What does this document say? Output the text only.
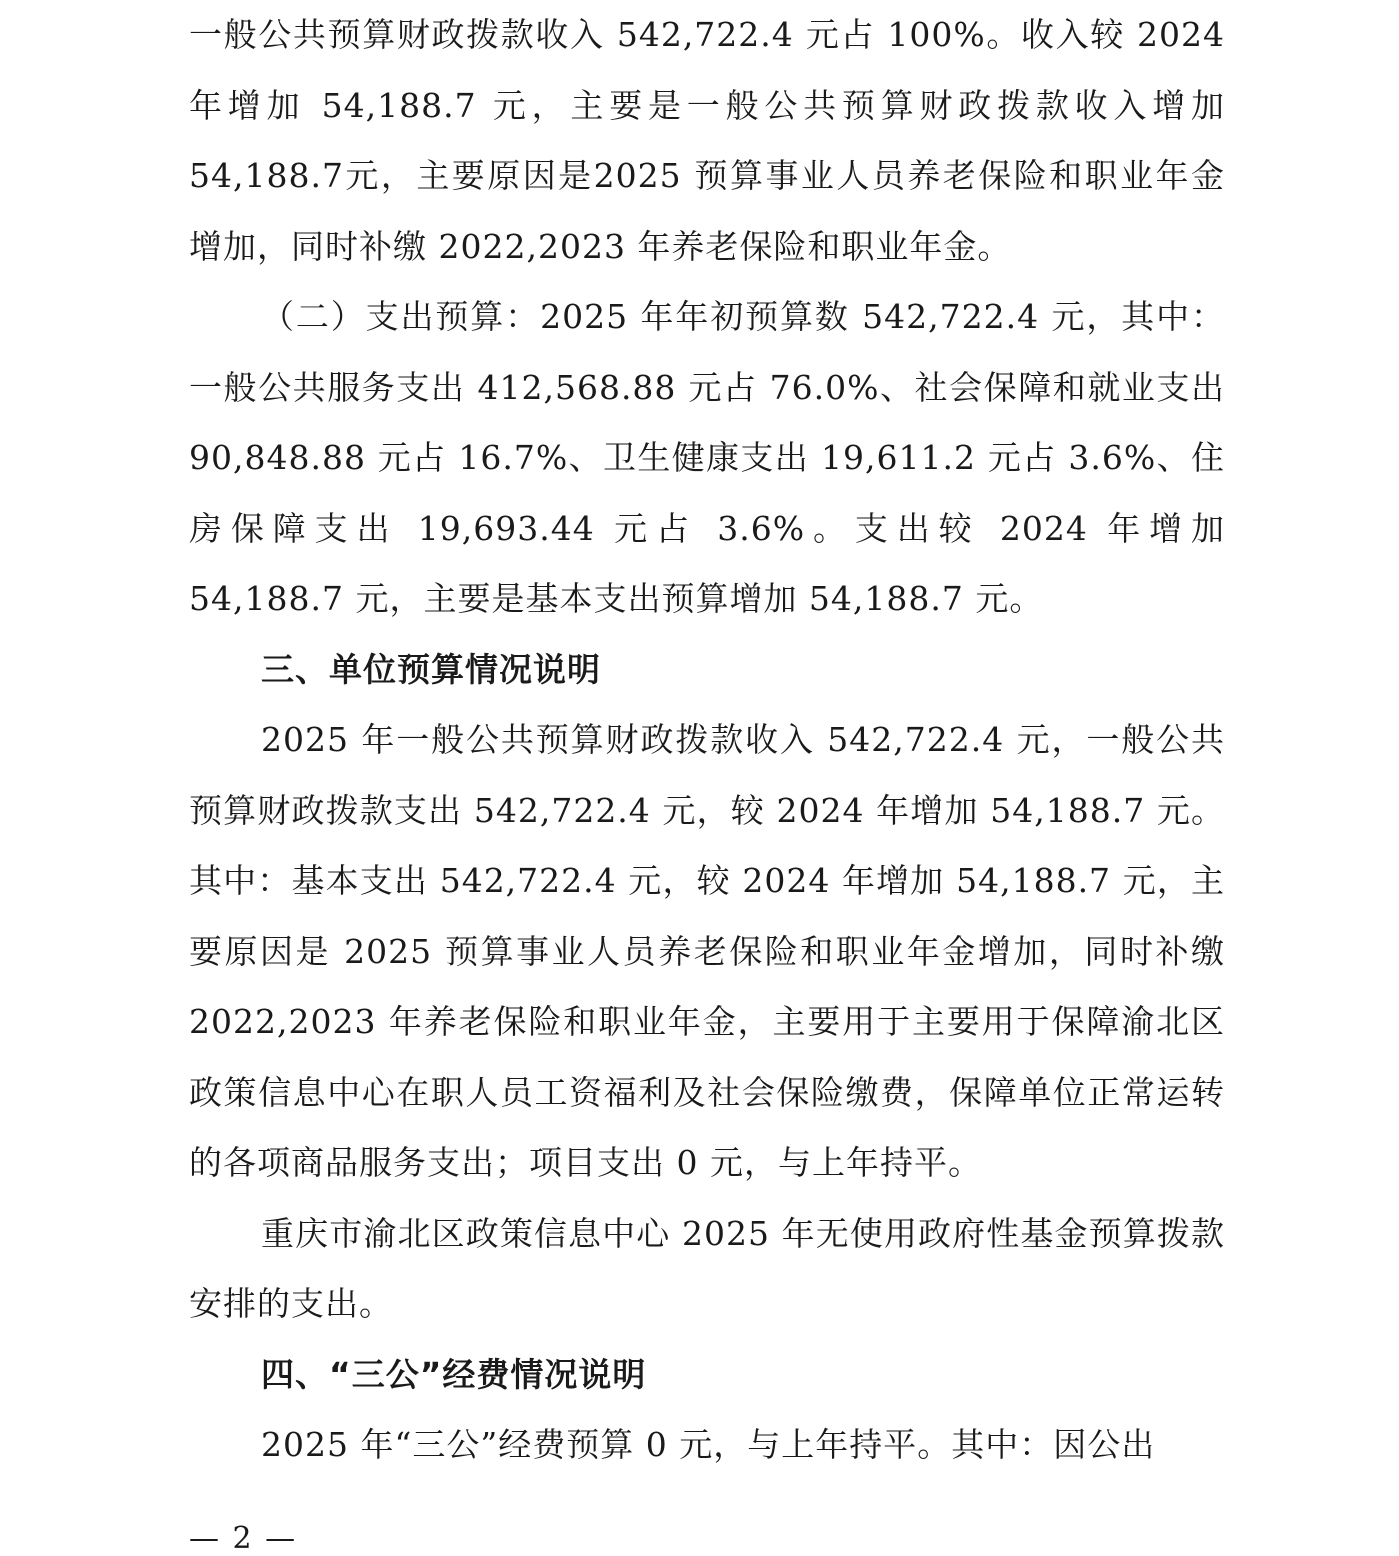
一般公共预算财政拨款收入 542,722.4 元占 100%。收入较 2024 年增加 54,188.7 元，主要是一般公共预算财政拨款收入增加 54,188.7元，主要原因是2025 预算事业人员养老保险和职业年金增加，同时补缴 2022,2023 年养老保险和职业年金。

（二）支出预算：2025 年年初预算数 542,722.4 元，其中：一般公共服务支出 412,568.88 元占 76.0%、社会保障和就业支出 90,848.88 元占 16.7%、卫生健康支出 19,611.2 元占 3.6%、住房保障支出 19,693.44 元占 3.6%。支出较 2024 年增加 54,188.7 元，主要是基本支出预算增加 54,188.7 元。

三、单位预算情况说明

2025 年一般公共预算财政拨款收入 542,722.4 元，一般公共预算财政拨款支出 542,722.4 元，较 2024 年增加 54,188.7 元。其中：基本支出 542,722.4 元，较 2024 年增加 54,188.7 元，主要原因是 2025 预算事业人员养老保险和职业年金增加，同时补缴 2022,2023 年养老保险和职业年金，主要用于主要用于保障渝北区政策信息中心在职人员工资福利及社会保险缴费，保障单位正常运转的各项商品服务支出；项目支出 0 元，与上年持平。

重庆市渝北区政策信息中心 2025 年无使用政府性基金预算拨款安排的支出。

四、“三公”经费情况说明

2025 年“三公”经费预算 0 元，与上年持平。其中：因公出

— 2 —
